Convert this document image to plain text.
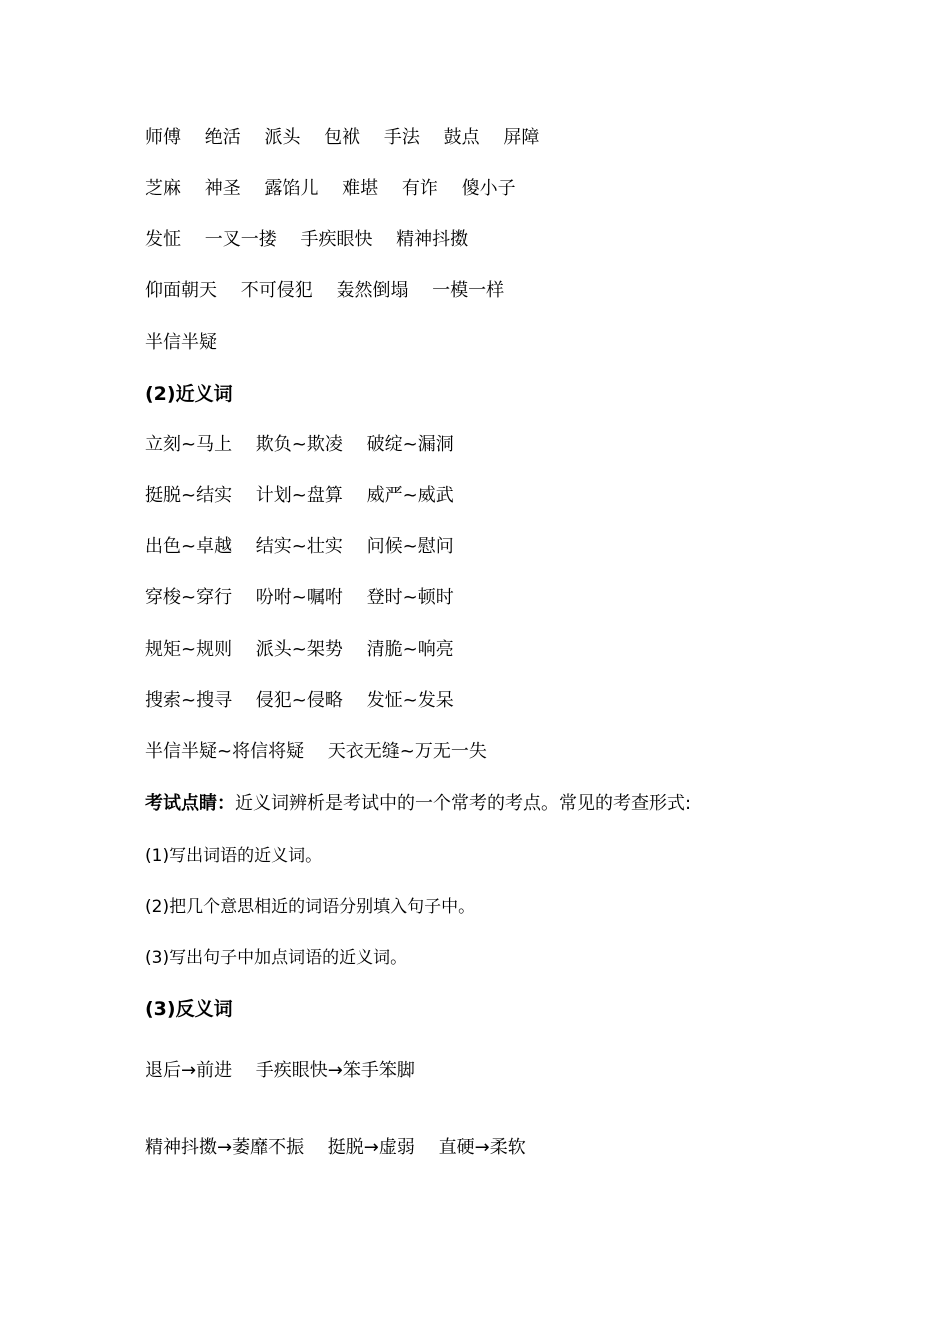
师傅　 绝活　 派头　 包袱　 手法　 鼓点　 屏障
芝麻　 神圣　 露馅儿　 难堪　 有诈　 傻小子
发怔　 一叉一搂　 手疾眼快　 精神抖擞
仰面朝天　 不可侵犯　 轰然倒塌　 一模一样
半信半疑
(2)近义词
立刻~马上　 欺负~欺凌　 破绽~漏洞
挺脱~结实　 计划~盘算　 威严~威武
出色~卓越　 结实~壮实　 问候~慰问
穿梭~穿行　 吩咐~嘱咐　 登时~顿时
规矩~规则　 派头~架势　 清脆~响亮
搜索~搜寻　 侵犯~侵略　 发怔~发呆
半信半疑~将信将疑　 天衣无缝~万无一失
考试点睛：近义词辨析是考试中的一个常考的考点。常见的考查形式:
(1)写出词语的近义词。
(2)把几个意思相近的词语分别填入句子中。
(3)写出句子中加点词语的近义词。
(3)反义词
退后→前进　 手疾眼快→笨手笨脚
精神抖擞→萎靡不振　 挺脱→虚弱　 直硬→柔软
